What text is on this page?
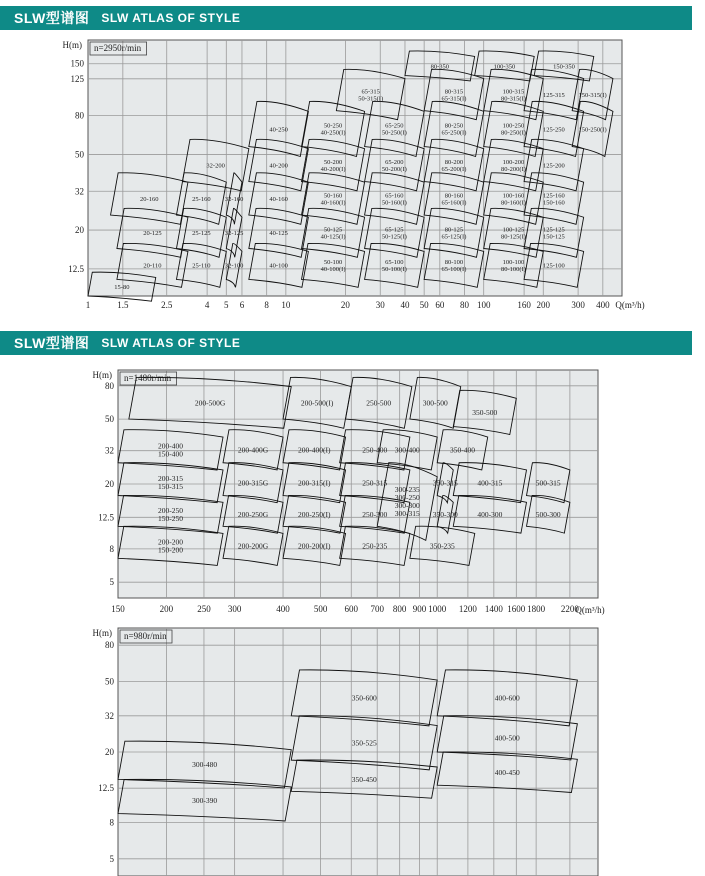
SLW型谱图 SLW ATLAS OF STYLE
1	1.5	2.5	4 5 6 8 10	20	30 40 50 60 80 100	160 200 300 400
12.5
20
32
50
80
125
150
H(m)
Q(m³/h)
n=2950r/min
15-80
20-110
20-125
20-160
25-110
25-125
25-160
32-200
32-160
32-125
32-100	40-100
40-125
40-160
40-200
40-250
50-100
40-100(I)
50-125
40-125(I)
50-160
40-160(I)
50-200
40-200(I)
50-250
40-250(I)
65-100
50-100(I)
65-125
50-125(I)
65-160
50-160(I)
65-200
50-200(I)
65-250
50-250(I)
65-315
50-315(I)
80-100
65-100(I)
80-125
65-125(I)
80-160
65-160(I)
80-200
65-200(I)
80-250
65-250(I)
80-315
65-315(I)
80-350
100-100
80-100(I)
100-125
80-125(I)
100-160
80-160(I)
100-200
80-200(I)
100-250
80-250(I)
100-315
80-315(I)
100-350
125-100
125-125
150-125
125-160
150-160
125-200
125-250
125-315
150-350
150-250(I)
150-315(I)
SLW型谱图 SLW ATLAS OF STYLE
150	200	250 300	400	500 600 700 800 900 1000 1200 1400 1600 1800 2200
5
8
12.5
20
32
50
80
H(m)
Q(m³/h)
n=1480r/min
200-200
150-200
200-250
150-250
200-315
150-315
200-400
150-400
200-500G
200-200G
200-250G
200-315G
200-400G
200-200(I)
200-250(I)
200-315(I)
200-400(I)
200-500(I)
250-235
250-300
250-315
250-400
250-500
300-235
300-250
300-300
300-315
300-400
300-500
350-235
350-300
350-315
350-400
350-500
400-300
400-315
500-300
500-315
5
8
12.5
20
32
50
80
H(m) n=980r/min
300-390
300-480
350-450
350-525
350-600
400-450
400-500
400-600
